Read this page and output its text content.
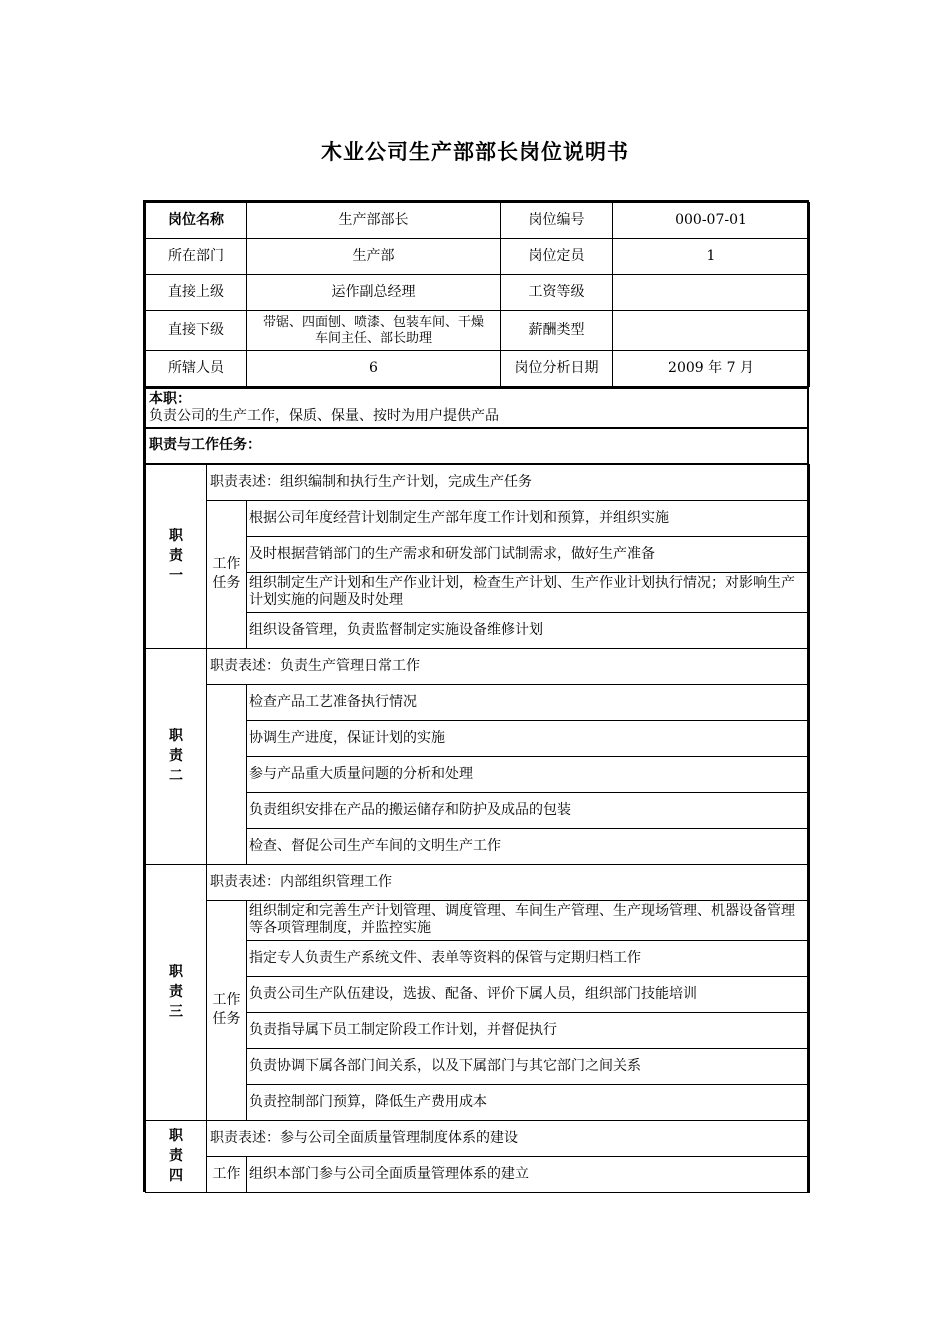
木业公司生产部部长岗位说明书
岗位名称	生产部部长	岗位编号	000-07-01
所在部门	生产部	岗位定员	1
直接上级	运作副总经理	工资等级	
直接下级	带锯、四面刨、喷漆、包装车间、干燥车间主任、部长助理	薪酬类型	
所辖人员	6	岗位分析日期	2009 年 7 月
本职：
负责公司的生产工作，保质、保量、按时为用户提供产品

职责与工作任务：
职
责
一	职责表述：组织编制和执行生产计划，完成生产任务	
	工作
任务	根据公司年度经营计划制定生产部年度工作计划和预算，并组织实施
		及时根据营销部门的生产需求和研发部门试制需求，做好生产准备
		组织制定生产计划和生产作业计划，检查生产计划、生产作业计划执行情况；对影响生产计划实施的问题及时处理
		组织设备管理，负责监督制定实施设备维修计划
职
责
二	职责表述：负责生产管理日常工作	
		检查产品工艺准备执行情况
		协调生产进度，保证计划的实施
		参与产品重大质量问题的分析和处理
		负责组织安排在产品的搬运储存和防护及成品的包装
		检查、督促公司生产车间的文明生产工作
职
责
三	职责表述：内部组织管理工作	
	工作
任务	组织制定和完善生产计划管理、调度管理、车间生产管理、生产现场管理、机器设备管理等各项管理制度，并监控实施
		指定专人负责生产系统文件、表单等资料的保管与定期归档工作
		负责公司生产队伍建设，选拔、配备、评价下属人员，组织部门技能培训
		负责指导属下员工制定阶段工作计划，并督促执行
		负责协调下属各部门间关系，以及下属部门与其它部门之间关系
		负责控制部门预算，降低生产费用成本
职
责
四	职责表述：参与公司全面质量管理制度体系的建设	
	工作	组织本部门参与公司全面质量管理体系的建立
